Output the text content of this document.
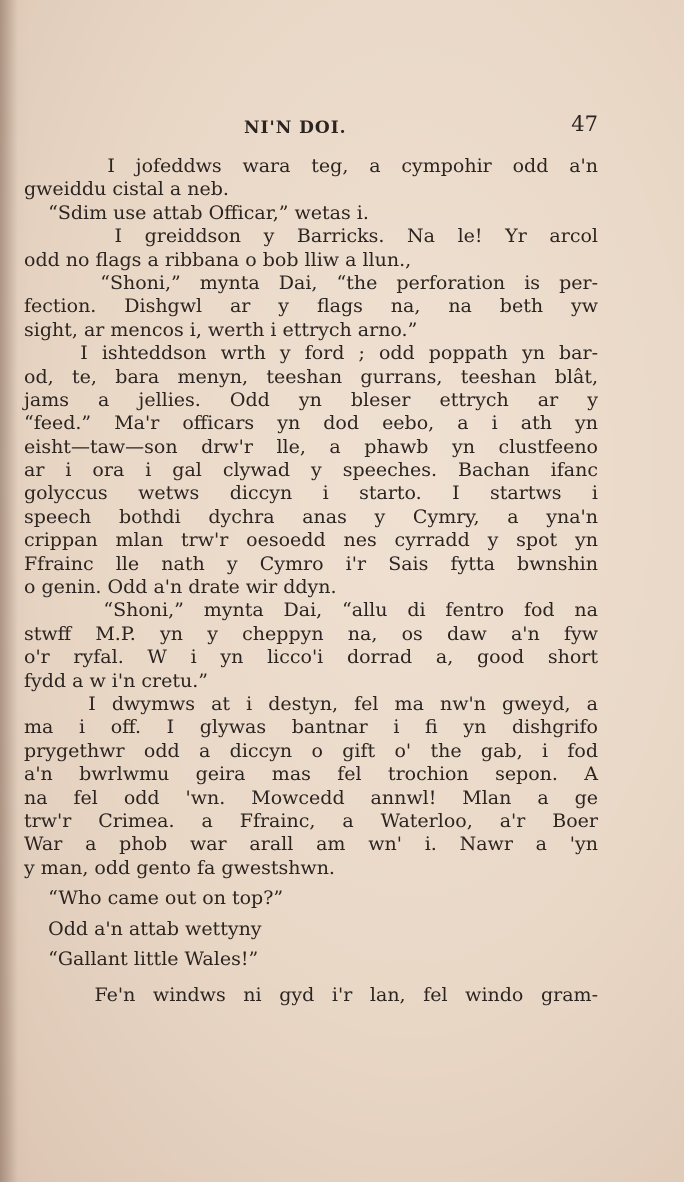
NI'N DOI.	47
I jofeddws wara teg, a cympohir odd a'n
gweiddu cistal a neb.
“Sdim use attab Officar,” wetas i.
I greiddson y Barricks. Na le! Yr arcol
odd no flags a ribbana o bob lliw a llun.,
“Shoni,” mynta Dai, “the perforation is per-
fection. Dishgwl ar y flags na, na beth yw
sight, ar mencos i, werth i ettrych arno.”
I ishteddson wrth y ford ; odd poppath yn bar-
od, te, bara menyn, teeshan gurrans, teeshan blât,
jams a jellies. Odd yn bleser ettrych ar y
“feed.” Ma'r officars yn dod eebo, a i ath yn
eisht—taw—son drw'r lle, a phawb yn clustfeeno
ar i ora i gal clywad y speeches. Bachan ifanc
golyccus wetws diccyn i starto. I startws i
speech bothdi dychra anas y Cymry, a yna'n
crippan mlan trw'r oesoedd nes cyrradd y spot yn
Ffrainc lle nath y Cymro i'r Sais fytta bwnshin
o genin. Odd a'n drate wir ddyn.
“Shoni,” mynta Dai, “allu di fentro fod na
stwff M.P. yn y cheppyn na, os daw a'n fyw
o'r ryfal. W i yn licco'i dorrad a, good short
fydd a w i'n cretu.”
I dwymws at i destyn, fel ma nw'n gweyd, a
ma i off. I glywas bantnar i fi yn dishgrifo
prygethwr odd a diccyn o gift o' the gab, i fod
a'n bwrlwmu geira mas fel trochion sepon. A
na fel odd 'wn. Mowcedd annwl! Mlan a ge
trw'r Crimea. a Ffrainc, a Waterloo, a'r Boer
War a phob war arall am wn' i. Nawr a 'yn
y man, odd gento fa gwestshwn.
“Who came out on top?”
Odd a'n attab wettyny
“Gallant little Wales!”
Fe'n windws ni gyd i'r lan, fel windo gram-
